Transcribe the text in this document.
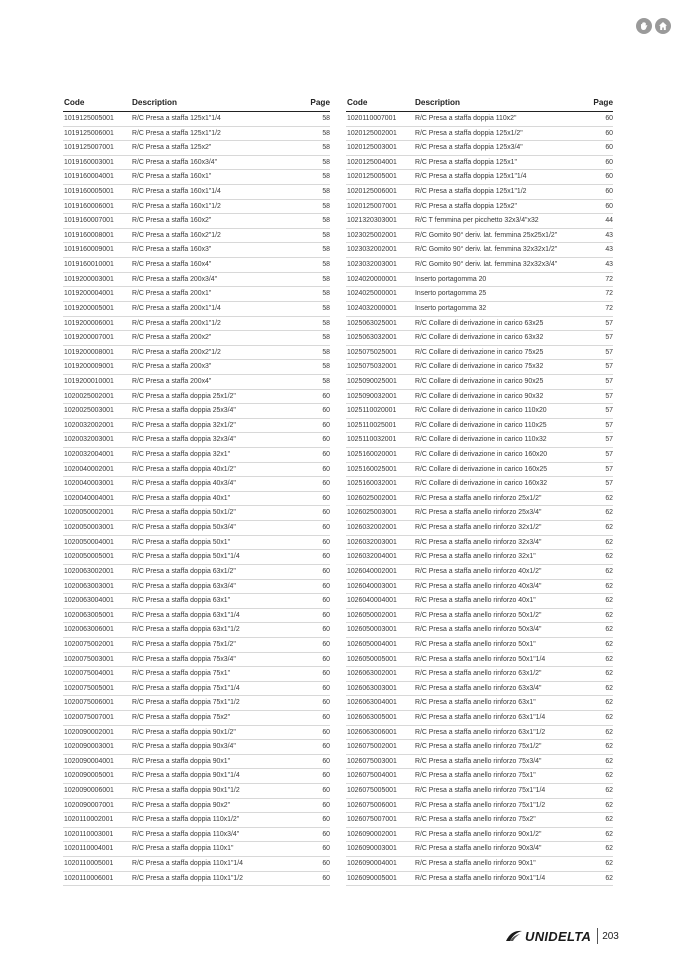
Code	Description	Page
1019125005001	R/C Presa a staffa 125x1"1/4	58
1019125006001	R/C Presa a staffa 125x1"1/2	58
1019125007001	R/C Presa a staffa 125x2"	58
1019160003001	R/C Presa a staffa 160x3/4"	58
1019160004001	R/C Presa a staffa 160x1"	58
1019160005001	R/C Presa a staffa 160x1"1/4	58
1019160006001	R/C Presa a staffa 160x1"1/2	58
1019160007001	R/C Presa a staffa 160x2"	58
1019160008001	R/C Presa a staffa 160x2"1/2	58
1019160009001	R/C Presa a staffa 160x3"	58
1019160010001	R/C Presa a staffa 160x4"	58
1019200003001	R/C Presa a staffa 200x3/4"	58
1019200004001	R/C Presa a staffa 200x1"	58
1019200005001	R/C Presa a staffa 200x1"1/4	58
1019200006001	R/C Presa a staffa 200x1"1/2	58
1019200007001	R/C Presa a staffa 200x2"	58
1019200008001	R/C Presa a staffa 200x2"1/2	58
1019200009001	R/C Presa a staffa 200x3"	58
1019200010001	R/C Presa a staffa 200x4"	58
1020025002001	R/C Presa a staffa doppia 25x1/2"	60
1020025003001	R/C Presa a staffa doppia 25x3/4"	60
1020032002001	R/C Presa a staffa doppia 32x1/2"	60
1020032003001	R/C Presa a staffa doppia 32x3/4"	60
1020032004001	R/C Presa a staffa doppia 32x1"	60
1020040002001	R/C Presa a staffa doppia 40x1/2"	60
1020040003001	R/C Presa a staffa doppia 40x3/4"	60
1020040004001	R/C Presa a staffa doppia 40x1"	60
1020050002001	R/C Presa a staffa doppia 50x1/2"	60
1020050003001	R/C Presa a staffa doppia 50x3/4"	60
1020050004001	R/C Presa a staffa doppia 50x1"	60
1020050005001	R/C Presa a staffa doppia 50x1"1/4	60
1020063002001	R/C Presa a staffa doppia 63x1/2"	60
1020063003001	R/C Presa a staffa doppia 63x3/4"	60
1020063004001	R/C Presa a staffa doppia 63x1"	60
1020063005001	R/C Presa a staffa doppia 63x1"1/4	60
1020063006001	R/C Presa a staffa doppia 63x1"1/2	60
1020075002001	R/C Presa a staffa doppia 75x1/2"	60
1020075003001	R/C Presa a staffa doppia 75x3/4"	60
1020075004001	R/C Presa a staffa doppia 75x1"	60
1020075005001	R/C Presa a staffa doppia 75x1"1/4	60
1020075006001	R/C Presa a staffa doppia 75x1"1/2	60
1020075007001	R/C Presa a staffa doppia 75x2"	60
1020090002001	R/C Presa a staffa doppia 90x1/2"	60
1020090003001	R/C Presa a staffa doppia 90x3/4"	60
1020090004001	R/C Presa a staffa doppia 90x1"	60
1020090005001	R/C Presa a staffa doppia 90x1"1/4	60
1020090006001	R/C Presa a staffa doppia 90x1"1/2	60
1020090007001	R/C Presa a staffa doppia 90x2"	60
1020110002001	R/C Presa a staffa doppia 110x1/2"	60
1020110003001	R/C Presa a staffa doppia 110x3/4"	60
1020110004001	R/C Presa a staffa doppia 110x1"	60
1020110005001	R/C Presa a staffa doppia 110x1"1/4	60
1020110006001	R/C Presa a staffa doppia 110x1"1/2	60
Code	Description	Page
1020110007001	R/C Presa a staffa doppia 110x2"	60
1020125002001	R/C Presa a staffa doppia 125x1/2"	60
1020125003001	R/C Presa a staffa doppia 125x3/4"	60
1020125004001	R/C Presa a staffa doppia 125x1"	60
1020125005001	R/C Presa a staffa doppia 125x1"1/4	60
1020125006001	R/C Presa a staffa doppia 125x1"1/2	60
1020125007001	R/C Presa a staffa doppia 125x2"	60
1021320303001	R/C T femmina per picchetto 32x3/4"x32	44
1023025002001	R/C Gomito 90° deriv. lat. femmina 25x25x1/2"	43
1023032002001	R/C Gomito 90° deriv. lat. femmina 32x32x1/2"	43
1023032003001	R/C Gomito 90° deriv. lat. femmina 32x32x3/4"	43
1024020000001	Inserto portagomma 20	72
1024025000001	Inserto portagomma 25	72
1024032000001	Inserto portagomma 32	72
1025063025001	R/C Collare di derivazione in carico 63x25	57
1025063032001	R/C Collare di derivazione in carico 63x32	57
1025075025001	R/C Collare di derivazione in carico 75x25	57
1025075032001	R/C Collare di derivazione in carico 75x32	57
1025090025001	R/C Collare di derivazione in carico 90x25	57
1025090032001	R/C Collare di derivazione in carico 90x32	57
1025110020001	R/C Collare di derivazione in carico 110x20	57
1025110025001	R/C Collare di derivazione in carico 110x25	57
1025110032001	R/C Collare di derivazione in carico 110x32	57
1025160020001	R/C Collare di derivazione in carico 160x20	57
1025160025001	R/C Collare di derivazione in carico 160x25	57
1025160032001	R/C Collare di derivazione in carico 160x32	57
1026025002001	R/C Presa a staffa anello rinforzo 25x1/2"	62
1026025003001	R/C Presa a staffa anello rinforzo 25x3/4"	62
1026032002001	R/C Presa a staffa anello rinforzo 32x1/2"	62
1026032003001	R/C Presa a staffa anello rinforzo 32x3/4"	62
1026032004001	R/C Presa a staffa anello rinforzo 32x1"	62
1026040002001	R/C Presa a staffa anello rinforzo 40x1/2"	62
1026040003001	R/C Presa a staffa anello rinforzo 40x3/4"	62
1026040004001	R/C Presa a staffa anello rinforzo 40x1"	62
1026050002001	R/C Presa a staffa anello rinforzo 50x1/2"	62
1026050003001	R/C Presa a staffa anello rinforzo 50x3/4"	62
1026050004001	R/C Presa a staffa anello rinforzo 50x1"	62
1026050005001	R/C Presa a staffa anello rinforzo 50x1"1/4	62
1026063002001	R/C Presa a staffa anello rinforzo 63x1/2"	62
1026063003001	R/C Presa a staffa anello rinforzo 63x3/4"	62
1026063004001	R/C Presa a staffa anello rinforzo 63x1"	62
1026063005001	R/C Presa a staffa anello rinforzo 63x1"1/4	62
1026063006001	R/C Presa a staffa anello rinforzo 63x1"1/2	62
1026075002001	R/C Presa a staffa anello rinforzo 75x1/2"	62
1026075003001	R/C Presa a staffa anello rinforzo 75x3/4"	62
1026075004001	R/C Presa a staffa anello rinforzo 75x1"	62
1026075005001	R/C Presa a staffa anello rinforzo 75x1"1/4	62
1026075006001	R/C Presa a staffa anello rinforzo 75x1"1/2	62
1026075007001	R/C Presa a staffa anello rinforzo 75x2"	62
1026090002001	R/C Presa a staffa anello rinforzo 90x1/2"	62
1026090003001	R/C Presa a staffa anello rinforzo 90x3/4"	62
1026090004001	R/C Presa a staffa anello rinforzo 90x1"	62
1026090005001	R/C Presa a staffa anello rinforzo 90x1"1/4	62
UNIDELTA 203
